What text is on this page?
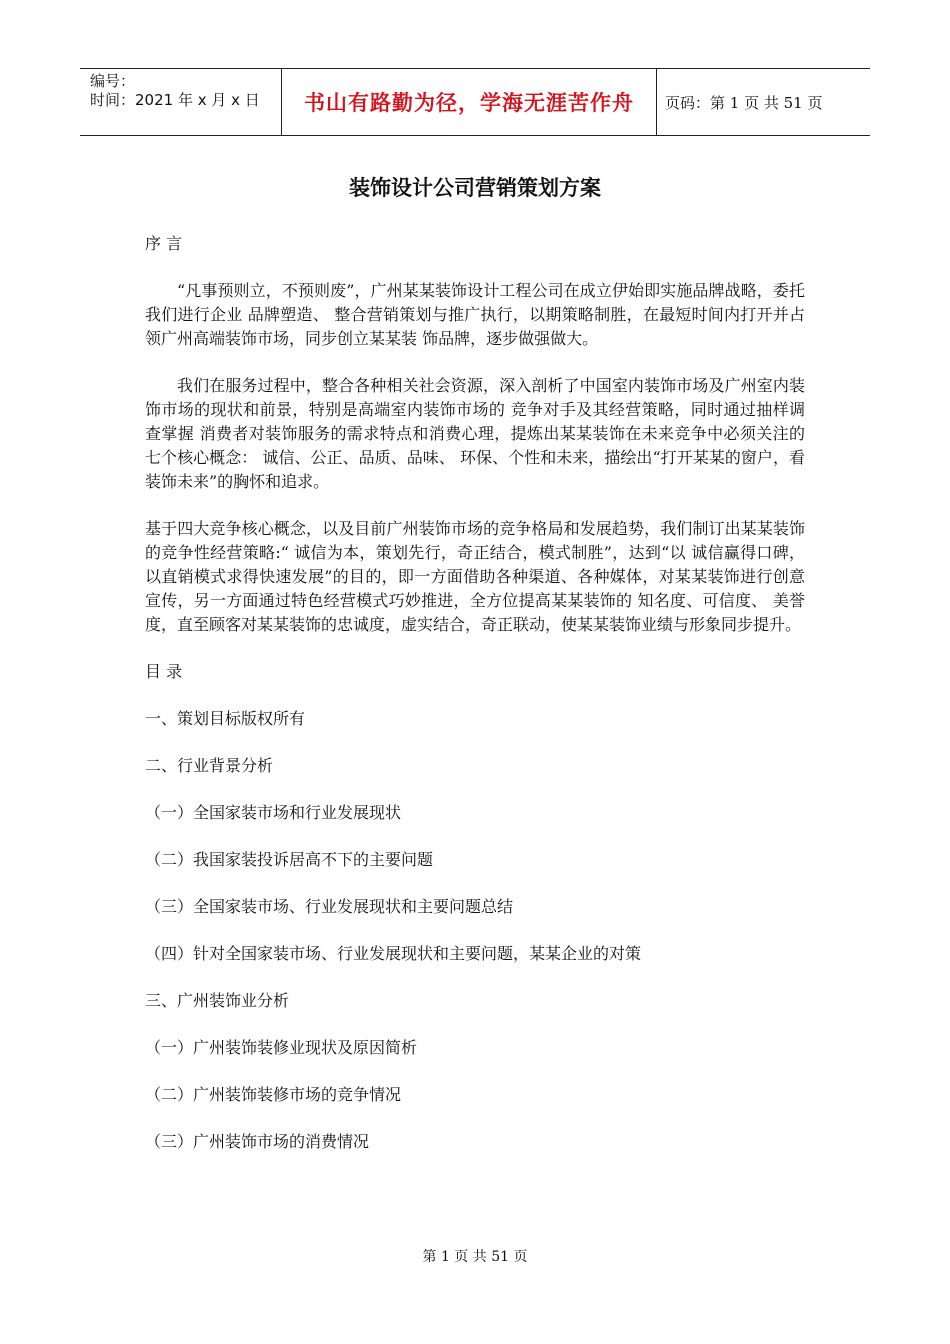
编号：
时间：2021 年 x 月 x 日	书山有路勤为径，学海无涯苦作舟	页码：第 1 页 共 51 页
装饰设计公司营销策划方案

序 言

“凡事预则立，不预则废”，广州某某装饰设计工程公司在成立伊始即实施品牌战略，委托我们进行企业 品牌塑造、 整合营销策划与推广执行，以期策略制胜，在最短时间内打开并占领广州高端装饰市场，同步创立某某装 饰品牌，逐步做强做大。

我们在服务过程中，整合各种相关社会资源，深入剖析了中国室内装饰市场及广州室内装饰市场的现状和前景，特别是高端室内装饰市场的 竞争对手及其经营策略，同时通过抽样调查掌握 消费者对装饰服务的需求特点和消费心理，提炼出某某装饰在未来竞争中必须关注的七个核心概念： 诚信、公正、品质、品味、 环保、个性和未来，描绘出“打开某某的窗户，看装饰未来”的胸怀和追求。

基于四大竞争核心概念，以及目前广州装饰市场的竞争格局和发展趋势，我们制订出某某装饰的竞争性经营策略:“ 诚信为本，策划先行，奇正结合，模式制胜”，达到“以 诚信赢得口碑，以直销模式求得快速发展”的目的，即一方面借助各种渠道、各种媒体，对某某装饰进行创意宣传，另一方面通过特色经营模式巧妙推进，全方位提高某某装饰的 知名度、可信度、 美誉度，直至顾客对某某装饰的忠诚度，虚实结合，奇正联动，使某某装饰业绩与形象同步提升。

目 录

一、策划目标版权所有

二、行业背景分析

（一）全国家装市场和行业发展现状

（二）我国家装投诉居高不下的主要问题

（三）全国家装市场、行业发展现状和主要问题总结

（四）针对全国家装市场、行业发展现状和主要问题，某某企业的对策

三、广州装饰业分析

（一）广州装饰装修业现状及原因简析

（二）广州装饰装修市场的竞争情况

（三）广州装饰市场的消费情况

第 1 页 共 51 页
